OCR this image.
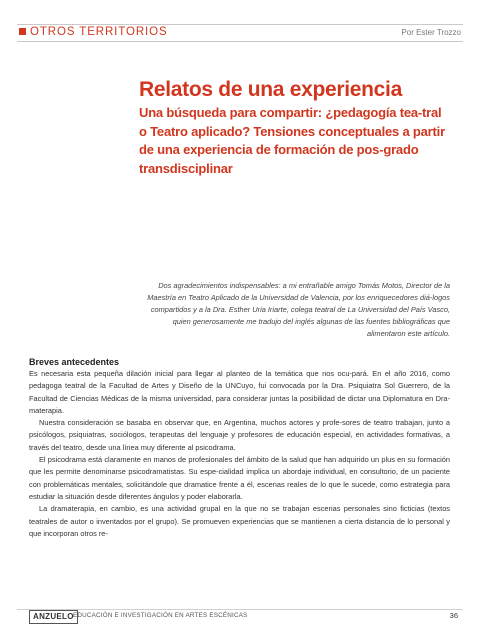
OTROS TERRITORIOS	Por Ester Trozzo
Relatos de una experiencia
Una búsqueda para compartir: ¿pedagogía tea-tral o Teatro aplicado? Tensiones conceptuales a partir de una experiencia de formación de pos-grado transdisciplinar

Dos agradecimientos indispensables: a mi entrañable amigo Tomás Motos, Director de la Maestría en Teatro Aplicado de la Universidad de Valencia, por los enriquecedores diá-logos compartidos y a la Dra. Esther Uria Iriarte, colega teatral de La Universidad del País Vasco, quien generosamente me tradujo del inglés algunas de las fuentes bibliográficas que alimentaron este artículo.

Breves antecedentes

Es necesaria esta pequeña dilación inicial para llegar al planteo de la temática que nos ocu-pará. En el año 2016, como pedagoga teatral de la Facultad de Artes y Diseño de la UNCuyo, fui convocada por la Dra. Psiquiatra Sol Guerrero, de la Facultad de Ciencias Médicas de la misma universidad, para considerar juntas la posibilidad de dictar una Diplomatura en Dra-materapia.

Nuestra consideración se basaba en observar que, en Argentina, muchos actores y profe-sores de teatro trabajan, junto a psicólogos, psiquiatras, sociólogos, terapeutas del lenguaje y profesores de educación especial, en actividades formativas, a través del teatro, desde una línea muy diferente al psicodrama.

El psicodrama está claramente en manos de profesionales del ámbito de la salud que han adquirido un plus en su formación que les permite denominarse psicodramatistas. Su espe-cialidad implica un abordaje individual, en consultorio, de un paciente con problemáticas mentales, solicitándole que dramatice frente a él, escenas reales de lo que le sucede, como estrategia para estudiar la situación desde diferentes ángulos y poder elaborarla.

La dramaterapia, en cambio, es una actividad grupal en la que no se trabajan escenas personales sino ficticias (textos teatrales de autor o inventados por el grupo). Se promueven experiencias que se mantienen a cierta distancia de lo personal y que incorporan otros re-

ANZUELO EDUCACIÓN E INVESTIGACIÓN EN ARTES ESCÉNICAS	36
